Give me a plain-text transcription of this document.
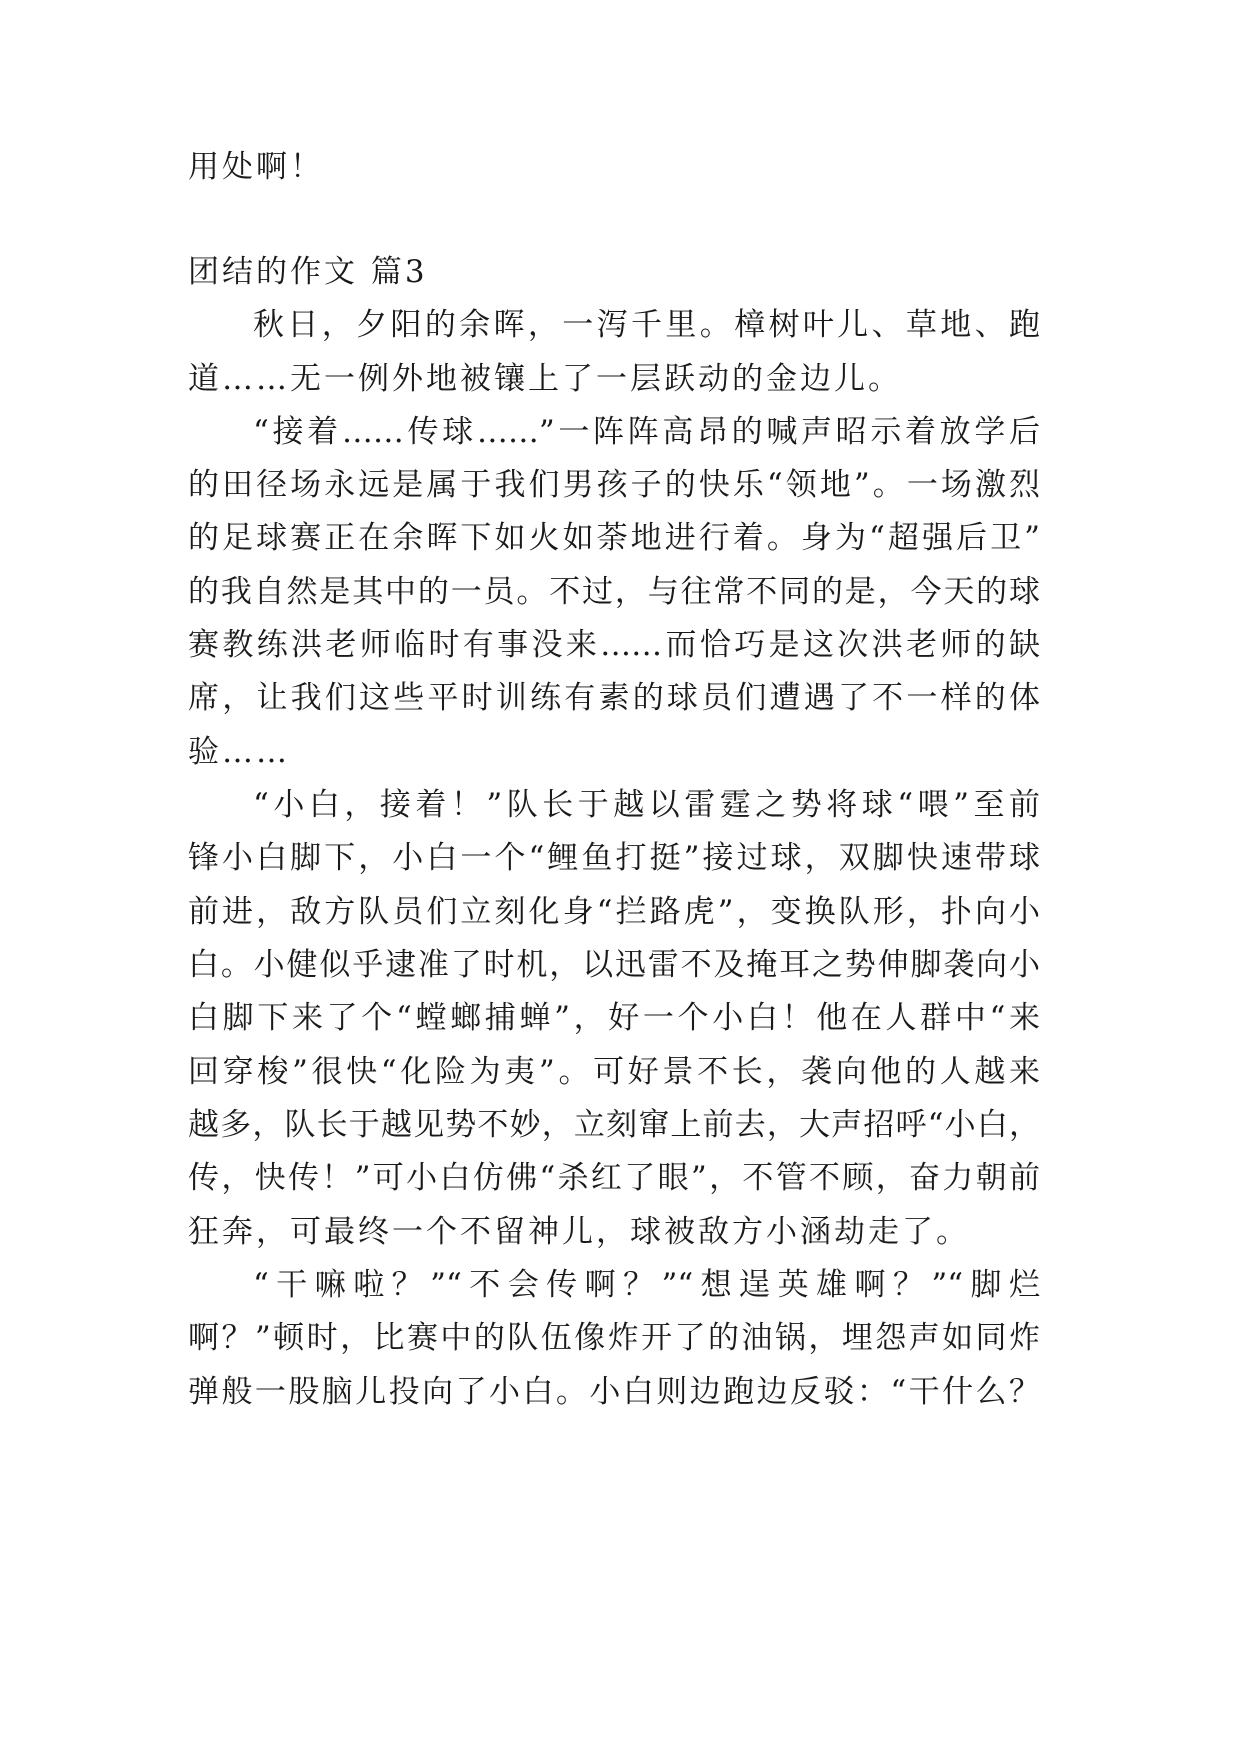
用处啊！
团结的作文 篇3
秋日，夕阳的余晖，一泻千里。樟树叶儿、草地、跑
道……无一例外地被镶上了一层跃动的金边儿。
“接着……传球……”一阵阵高昂的喊声昭示着放学后
的田径场永远是属于我们男孩子的快乐“领地”。一场激烈
的足球赛正在余晖下如火如荼地进行着。身为“超强后卫”
的我自然是其中的一员。不过，与往常不同的是，今天的球
赛教练洪老师临时有事没来……而恰巧是这次洪老师的缺
席，让我们这些平时训练有素的球员们遭遇了不一样的体
验……
“小白，接着！”队长于越以雷霆之势将球“喂”至前
锋小白脚下，小白一个“鲤鱼打挺”接过球，双脚快速带球
前进，敌方队员们立刻化身“拦路虎”，变换队形，扑向小
白。小健似乎逮准了时机，以迅雷不及掩耳之势伸脚袭向小
白脚下来了个“螳螂捕蝉”，好一个小白！他在人群中“来
回穿梭”很快“化险为夷”。可好景不长，袭向他的人越来
越多，队长于越见势不妙，立刻窜上前去，大声招呼“小白，
传，快传！”可小白仿佛“杀红了眼”，不管不顾，奋力朝前
狂奔，可最终一个不留神儿，球被敌方小涵劫走了。
“干嘛啦？”“不会传啊？”“想逞英雄啊？”“脚烂
啊？”顿时，比赛中的队伍像炸开了的油锅，埋怨声如同炸
弹般一股脑儿投向了小白。小白则边跑边反驳：“干什么？
